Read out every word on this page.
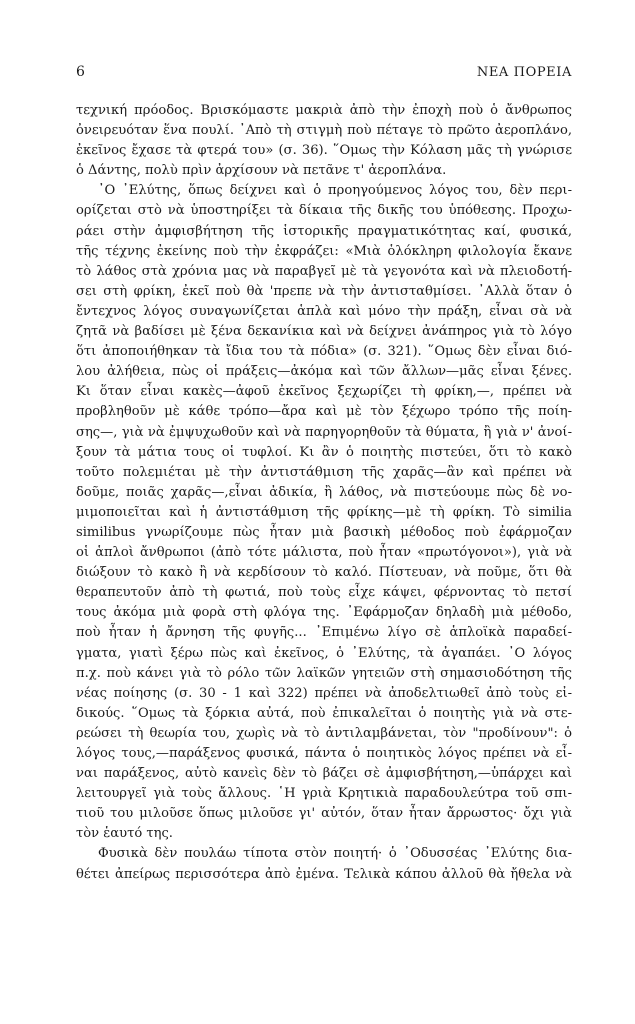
6	ΝΕΑ ΠΟΡΕΙΑ
τεχνική πρόοδος. Βρισκόμαστε μακριὰ ἀπὸ τὴν ἐποχὴ ποὺ ὁ ἄνθρωπος
ὀνειρευόταν ἕνα πουλί. ᾿Απὸ τὴ στιγμὴ ποὺ πέταγε τὸ πρῶτο ἀεροπλάνο,
ἐκεῖνος ἔχασε τὰ φτερά του» (σ. 36). ῞Ομως τὴν Κόλαση μᾶς τὴ γνώρισε
ὁ Δάντης, πολὺ πρὶν ἀρχίσουν νὰ πετᾶνε τ' ἀεροπλάνα.
᾿Ο ᾿Ελύτης, ὅπως δείχνει καὶ ὁ προηγούμενος λόγος του, δὲν περι-
ορίζεται στὸ νὰ ὑποστηρίξει τὰ δίκαια τῆς δικῆς του ὑπόθεσης. Προχω-
ράει στὴν ἀμφισβήτηση τῆς ἱστορικῆς πραγματικότητας καί, φυσικά,
τῆς τέχνης ἐκείνης ποὺ τὴν ἐκφράζει: «Μιὰ ὁλόκληρη φιλολογία ἔκανε
τὸ λάθος στὰ χρόνια μας νὰ παραβγεῖ μὲ τὰ γεγονότα καὶ νὰ πλειοδοτή-
σει στὴ φρίκη, ἐκεῖ ποὺ θὰ 'πρεπε νὰ τὴν ἀντισταθμίσει. ᾿Αλλὰ ὅταν ὁ
ἔντεχνος λόγος συναγωνίζεται ἁπλὰ καὶ μόνο τὴν πράξη, εἶναι σὰ νὰ
ζητᾶ νὰ βαδίσει μὲ ξένα δεκανίκια καὶ νὰ δείχνει ἀνάπηρος γιὰ τὸ λόγο
ὅτι ἀποποιήθηκαν τὰ ἴδια του τὰ πόδια» (σ. 321). ῞Ομως δὲν εἶναι διό-
λου ἀλήθεια, πὼς οἱ πράξεις—ἀκόμα καὶ τῶν ἄλλων—μᾶς εἶναι ξένες.
Κι ὅταν εἶναι κακὲς—ἀφοῦ ἐκεῖνος ξεχωρίζει τὴ φρίκη,—, πρέπει νὰ
προβληθοῦν μὲ κάθε τρόπο—ἄρα καὶ μὲ τὸν ξέχωρο τρόπο τῆς ποίη-
σης—, γιὰ νὰ ἐμψυχωθοῦν καὶ νὰ παρηγορηθοῦν τὰ θύματα, ἢ γιὰ ν' ἀνοί-
ξουν τὰ μάτια τους οἱ τυφλοί. Κι ἂν ὁ ποιητὴς πιστεύει, ὅτι τὸ κακὸ
τοῦτο πολεμιέται μὲ τὴν ἀντιστάθμιση τῆς χαρᾶς—ἂν καὶ πρέπει νὰ
δοῦμε, ποιᾶς χαρᾶς—,εἶναι ἀδικία, ἢ λάθος, νὰ πιστεύουμε πὼς δὲ νο-
μιμοποιεῖται καὶ ἡ ἀντιστάθμιση τῆς φρίκης—μὲ τὴ φρίκη. Τὸ similia
similibus γνωρίζουμε πὼς ἦταν μιὰ βασικὴ μέθοδος ποὺ ἐφάρμοζαν
οἱ ἁπλοὶ ἄνθρωποι (ἀπὸ τότε μάλιστα, ποὺ ἦταν «πρωτόγονοι»), γιὰ νὰ
διώξουν τὸ κακὸ ἢ νὰ κερδίσουν τὸ καλό. Πίστευαν, νὰ ποῦμε, ὅτι θὰ
θεραπευτοῦν ἀπὸ τὴ φωτιά, ποὺ τοὺς εἶχε κάψει, φέρνοντας τὸ πετσί
τους ἀκόμα μιὰ φορὰ στὴ φλόγα της. ᾿Εφάρμοζαν δηλαδὴ μιὰ μέθοδο,
ποὺ ἦταν ἡ ἄρνηση τῆς φυγῆς... ᾿Επιμένω λίγο σὲ ἁπλοϊκὰ παραδεί-
γματα, γιατὶ ξέρω πὼς καὶ ἐκεῖνος, ὁ ᾿Ελύτης, τὰ ἀγαπάει. ᾿Ο λόγος
π.χ. ποὺ κάνει γιὰ τὸ ρόλο τῶν λαϊκῶν γητειῶν στὴ σημασιοδότηση τῆς
νέας ποίησης (σ. 30 - 1 καὶ 322) πρέπει νὰ ἀποδελτιωθεῖ ἀπὸ τοὺς εἰ-
δικούς. ῞Ομως τὰ ξόρκια αὐτά, ποὺ ἐπικαλεῖται ὁ ποιητὴς γιὰ νὰ στε-
ρεώσει τὴ θεωρία του, χωρὶς νὰ τὸ ἀντιλαμβάνεται, τὸν "προδίνουν": ὁ
λόγος τους,—παράξενος φυσικά, πάντα ὁ ποιητικὸς λόγος πρέπει νὰ εἶ-
ναι παράξενος, αὐτὸ κανεὶς δὲν τὸ βάζει σὲ ἀμφισβήτηση,—ὑπάρχει καὶ
λειτουργεῖ γιὰ τοὺς ἄλλους. ῾Η γριὰ Κρητικιὰ παραδουλεύτρα τοῦ σπι-
τιοῦ του μιλοῦσε ὅπως μιλοῦσε γι' αὐτόν, ὅταν ἦταν ἄρρωστος· ὄχι γιὰ
τὸν ἑαυτό της.
Φυσικὰ δὲν πουλάω τίποτα στὸν ποιητή· ὁ ᾿Οδυσσέας ᾿Ελύτης δια-
θέτει ἀπείρως περισσότερα ἀπὸ ἐμένα. Τελικὰ κάπου ἀλλοῦ θὰ ἤθελα νὰ
